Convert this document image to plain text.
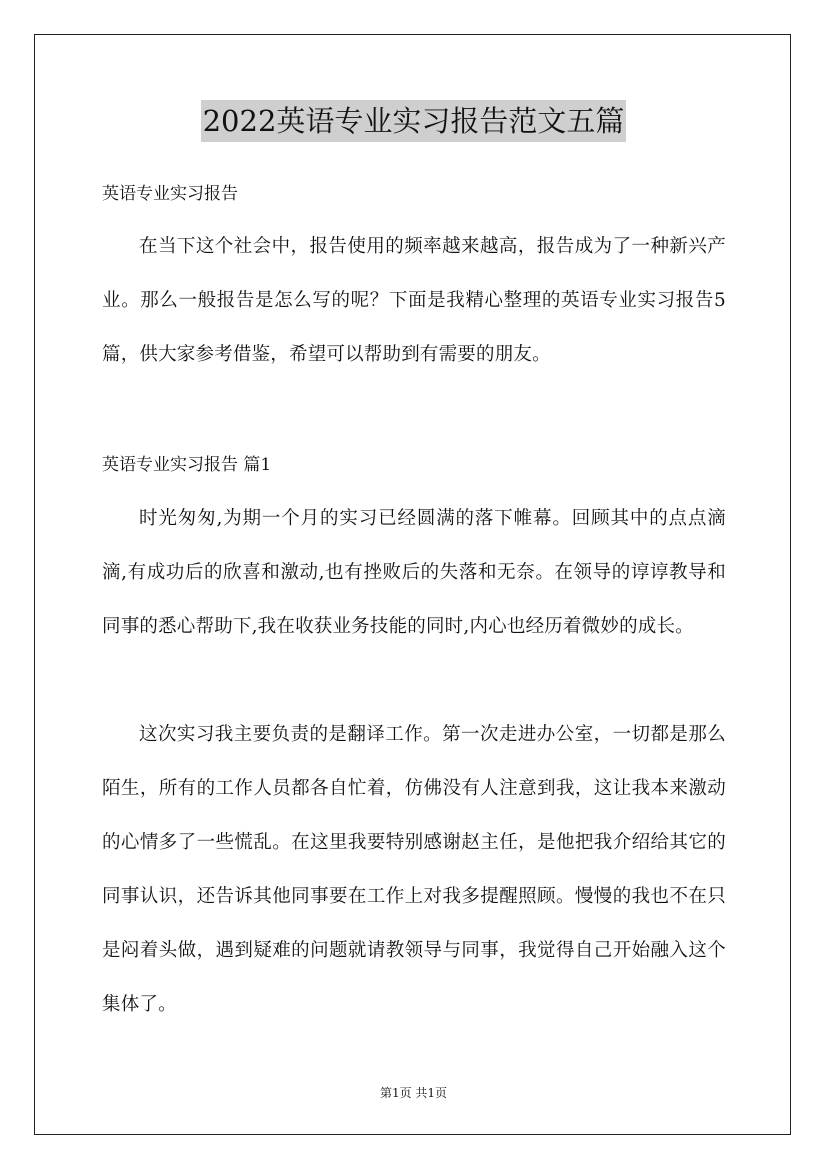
2022英语专业实习报告范文五篇
英语专业实习报告
在当下这个社会中，报告使用的频率越来越高，报告成为了一种新兴产业。那么一般报告是怎么写的呢？下面是我精心整理的英语专业实习报告5篇，供大家参考借鉴，希望可以帮助到有需要的朋友。
英语专业实习报告 篇1
时光匆匆,为期一个月的实习已经圆满的落下帷幕。回顾其中的点点滴滴,有成功后的欣喜和激动,也有挫败后的失落和无奈。在领导的谆谆教导和同事的悉心帮助下,我在收获业务技能的同时,内心也经历着微妙的成长。
这次实习我主要负责的是翻译工作。第一次走进办公室，一切都是那么陌生，所有的工作人员都各自忙着，仿佛没有人注意到我，这让我本来激动的心情多了一些慌乱。在这里我要特别感谢赵主任，是他把我介绍给其它的同事认识，还告诉其他同事要在工作上对我多提醒照顾。慢慢的我也不在只是闷着头做，遇到疑难的问题就请教领导与同事，我觉得自己开始融入这个集体了。
第1页 共1页
